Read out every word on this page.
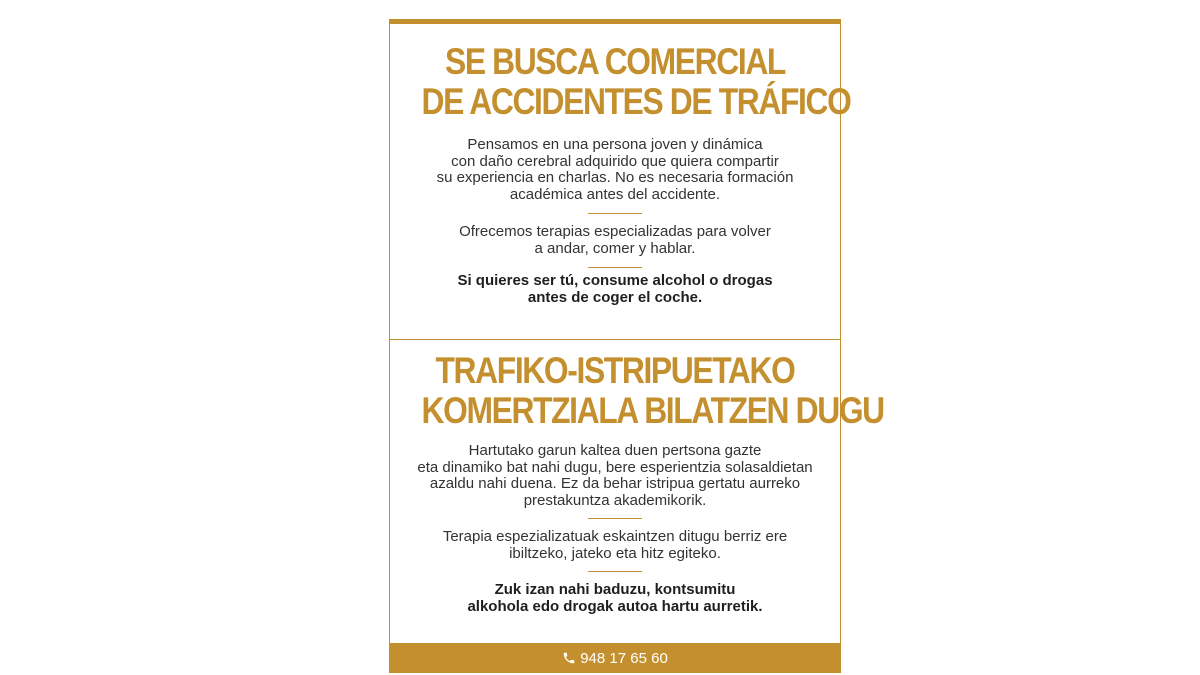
SE BUSCA COMERCIAL
DE ACCIDENTES DE TRÁFICO
Pensamos en una persona joven y dinámica
con daño cerebral adquirido que quiera compartir
su experiencia en charlas. No es necesaria formación
académica antes del accidente.
Ofrecemos terapias especializadas para volver
a andar, comer y hablar.
Si quieres ser tú, consume alcohol o drogas
antes de coger el coche.
TRAFIKO-ISTRIPUETAKO
KOMERTZIALA BILATZEN DUGU
Hartutako garun kaltea duen pertsona gazte
eta dinamiko bat nahi dugu, bere esperientzia solasaldietan
azaldu nahi duena. Ez da behar istripua gertatu aurreko
prestakuntza akademikorik.
Terapia espezializatuak eskaintzen ditugu berriz ere
ibiltzeko, jateko eta hitz egiteko.
Zuk izan nahi baduzu, kontsumitu
alkohola edo drogak autoa hartu aurretik.
948 17 65 60
